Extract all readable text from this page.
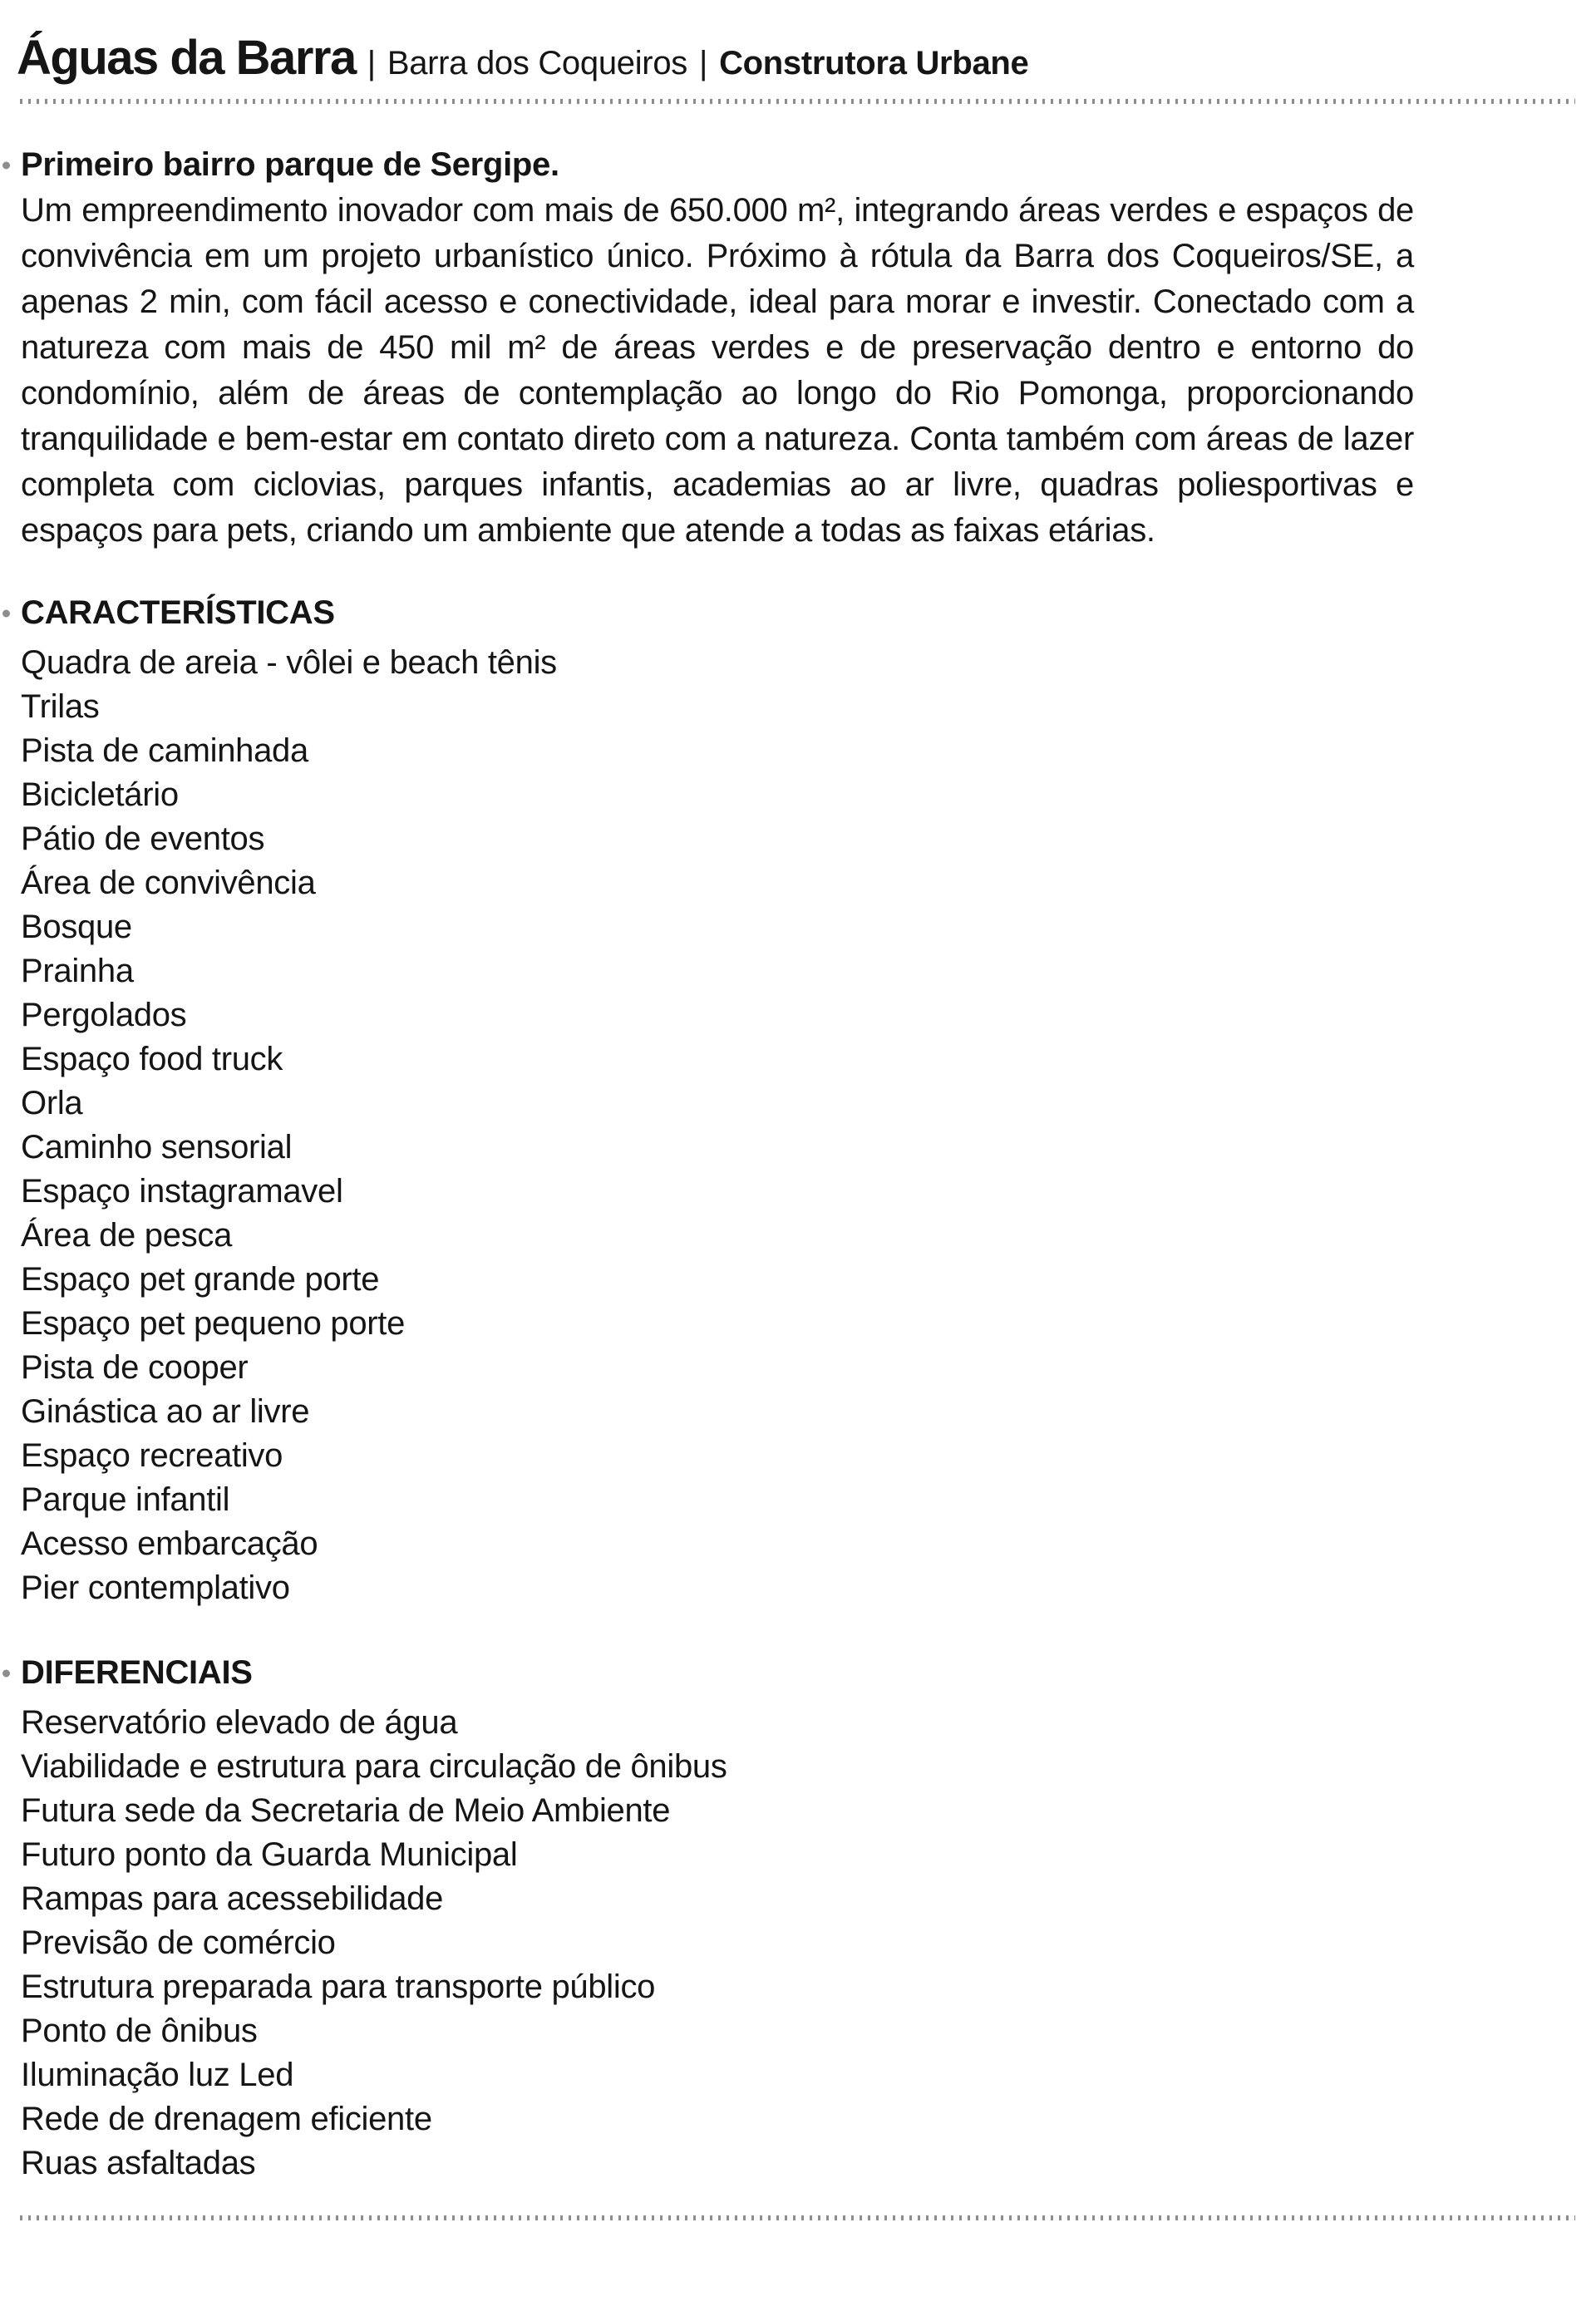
Águas da Barra | Barra dos Coqueiros | Construtora Urbane
Primeiro bairro parque de Sergipe.

Um empreendimento inovador com mais de 650.000 m², integrando áreas verdes e espaços de convivência em um projeto urbanístico único. Próximo à rótula da Barra dos Coqueiros/SE, a apenas 2 min, com fácil acesso e conectividade, ideal para morar e investir. Conectado com a natureza com mais de 450 mil m² de áreas verdes e de preservação dentro e entorno do condomínio, além de áreas de contemplação ao longo do Rio Pomonga, proporcionando tranquilidade e bem-estar em contato direto com a natureza. Conta também com áreas de lazer completa com ciclovias, parques infantis, academias ao ar livre, quadras poliesportivas e espaços para pets, criando um ambiente que atende a todas as faixas etárias.

CARACTERÍSTICAS
Quadra de areia - vôlei e beach tênis
Trilas
Pista de caminhada
Bicicletário
Pátio de eventos
Área de convivência
Bosque
Prainha
Pergolados
Espaço food truck
Orla
Caminho sensorial
Espaço instagramavel
Área de pesca
Espaço pet grande porte
Espaço pet pequeno porte
Pista de cooper
Ginástica ao ar livre
Espaço recreativo
Parque infantil
Acesso embarcação
Pier contemplativo
DIFERENCIAIS
Reservatório elevado de água
Viabilidade e estrutura para circulação de ônibus
Futura sede da Secretaria de Meio Ambiente
Futuro ponto da Guarda Municipal
Rampas para acessebilidade
Previsão de comércio
Estrutura preparada para transporte público
Ponto de ônibus
Iluminação luz Led
Rede de drenagem eficiente
Ruas asfaltadas
